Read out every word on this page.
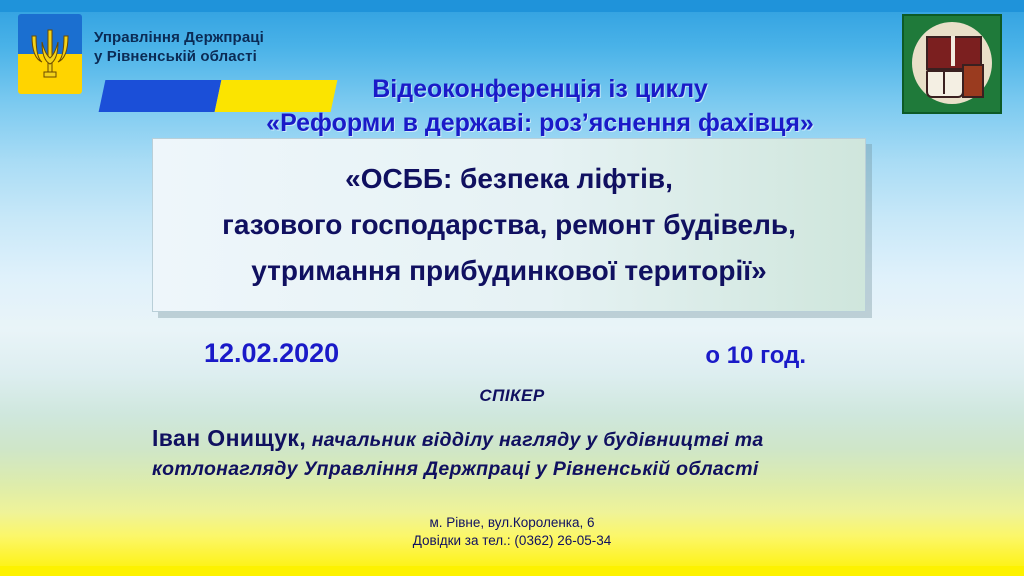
Управління Держпраці
у Рівненській області
Відеоконференція із циклу
«Реформи в державі: роз’яснення фахівця»
«ОСББ: безпека ліфтів,
газового господарства, ремонт будівель,
утримання прибудинкової території»
12.02.2020	о 10 год.
СПІКЕР
Іван Онищук, начальник відділу нагляду у будівництві та котлонагляду Управління Держпраці у Рівненській області
м. Рівне, вул.Короленка, 6
Довідки за тел.: (0362) 26-05-34
